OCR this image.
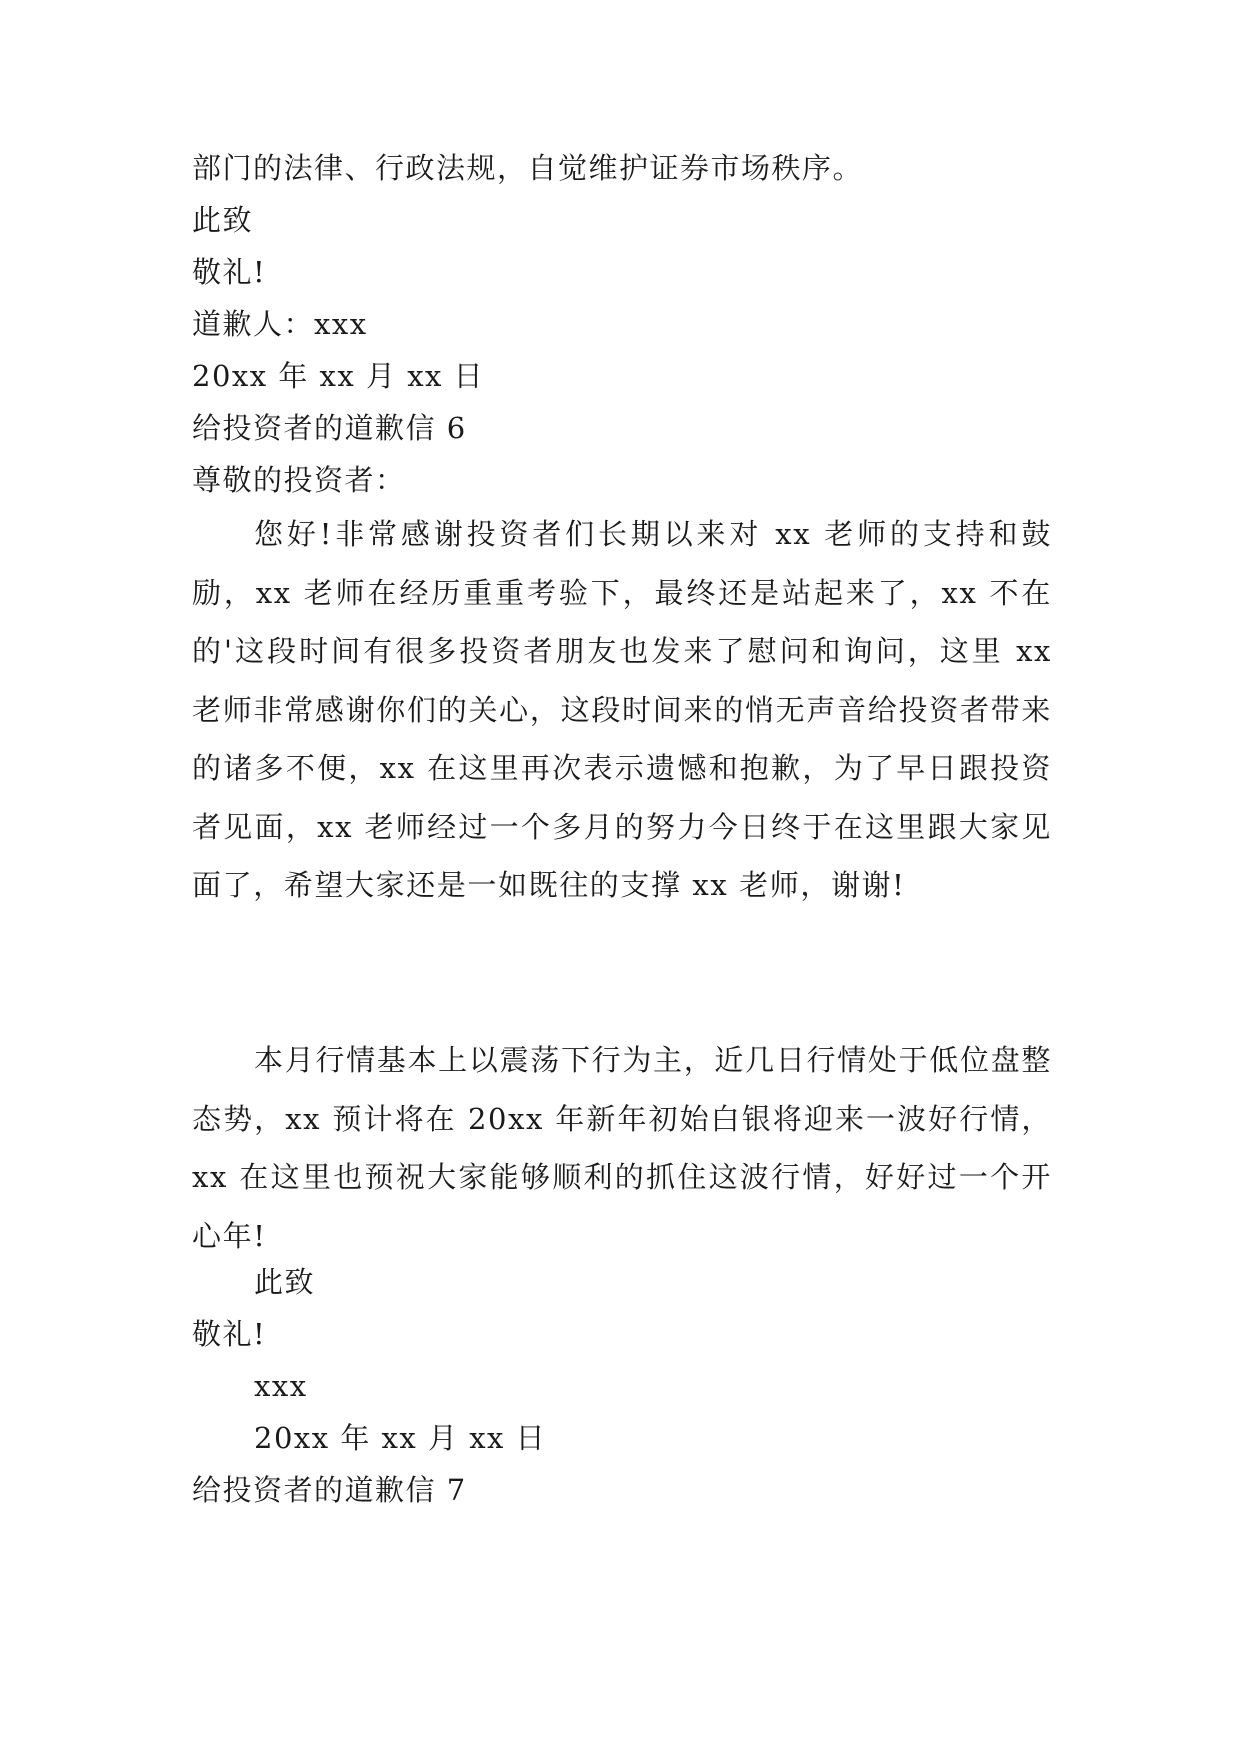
部门的法律、行政法规，自觉维护证券市场秩序。
此致
敬礼!
道歉人：xxx
20xx 年 xx 月 xx 日
给投资者的道歉信 6
尊敬的投资者：

您好!非常感谢投资者们长期以来对 xx 老师的支持和鼓励，xx 老师在经历重重考验下，最终还是站起来了，xx 不在的'这段时间有很多投资者朋友也发来了慰问和询问，这里 xx 老师非常感谢你们的关心，这段时间来的悄无声音给投资者带来的诸多不便，xx 在这里再次表示遗憾和抱歉，为了早日跟投资者见面，xx 老师经过一个多月的努力今日终于在这里跟大家见面了，希望大家还是一如既往的支撑 xx 老师，谢谢!

本月行情基本上以震荡下行为主，近几日行情处于低位盘整态势，xx 预计将在 20xx 年新年初始白银将迎来一波好行情，xx 在这里也预祝大家能够顺利的抓住这波行情，好好过一个开心年!

此致
敬礼!
xxx
20xx 年 xx 月 xx 日
给投资者的道歉信 7
